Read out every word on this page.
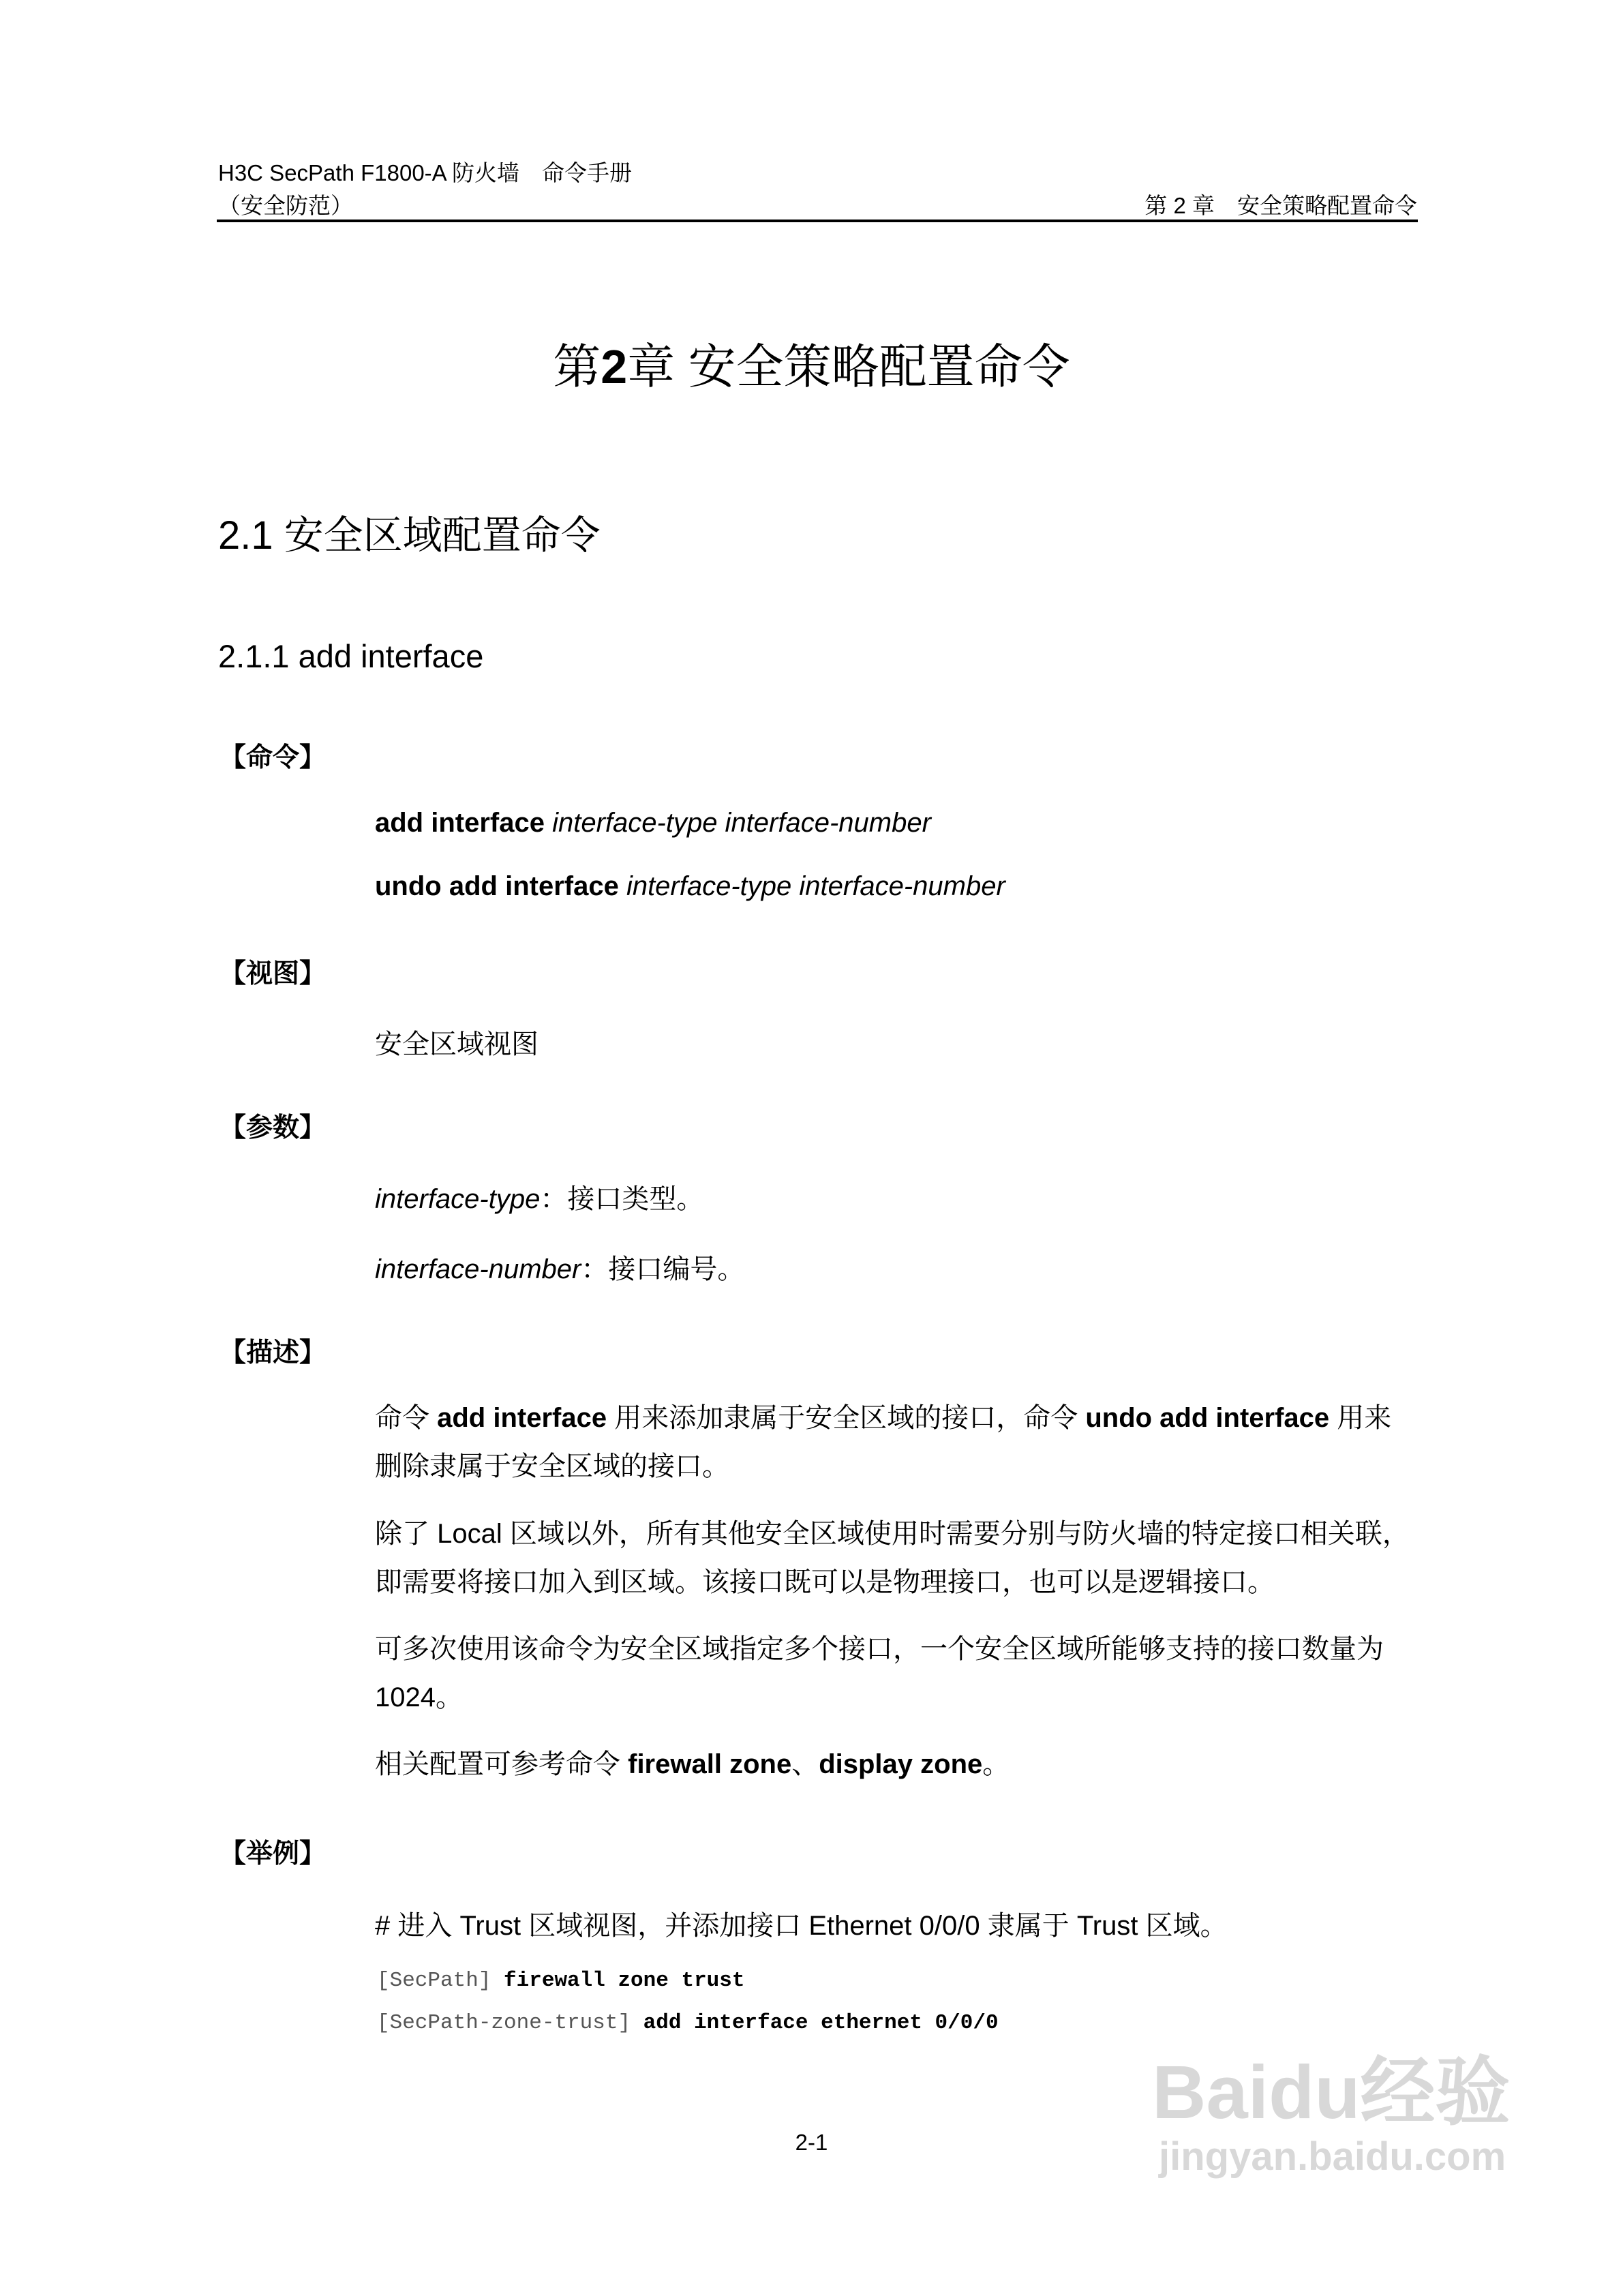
H3C SecPath F1800-A 防火墙　命令手册
（安全防范）	第 2 章　安全策略配置命令
第2章 安全策略配置命令
2.1 安全区域配置命令
2.1.1 add interface
【命令】
add interface interface-type interface-number
undo add interface interface-type interface-number
【视图】
安全区域视图
【参数】
interface-type：接口类型。
interface-number：接口编号。
【描述】
命令 add interface 用来添加隶属于安全区域的接口，命令 undo add interface 用来删除隶属于安全区域的接口。
除了 Local 区域以外，所有其他安全区域使用时需要分别与防火墙的特定接口相关联，即需要将接口加入到区域。该接口既可以是物理接口，也可以是逻辑接口。
可多次使用该命令为安全区域指定多个接口，一个安全区域所能够支持的接口数量为 1024。
相关配置可参考命令 firewall zone、display zone。
【举例】
# 进入 Trust 区域视图，并添加接口 Ethernet 0/0/0 隶属于 Trust 区域。
[SecPath] firewall zone trust
[SecPath-zone-trust] add interface ethernet 0/0/0
2-1
Baidu经验
jingyan.baidu.com
